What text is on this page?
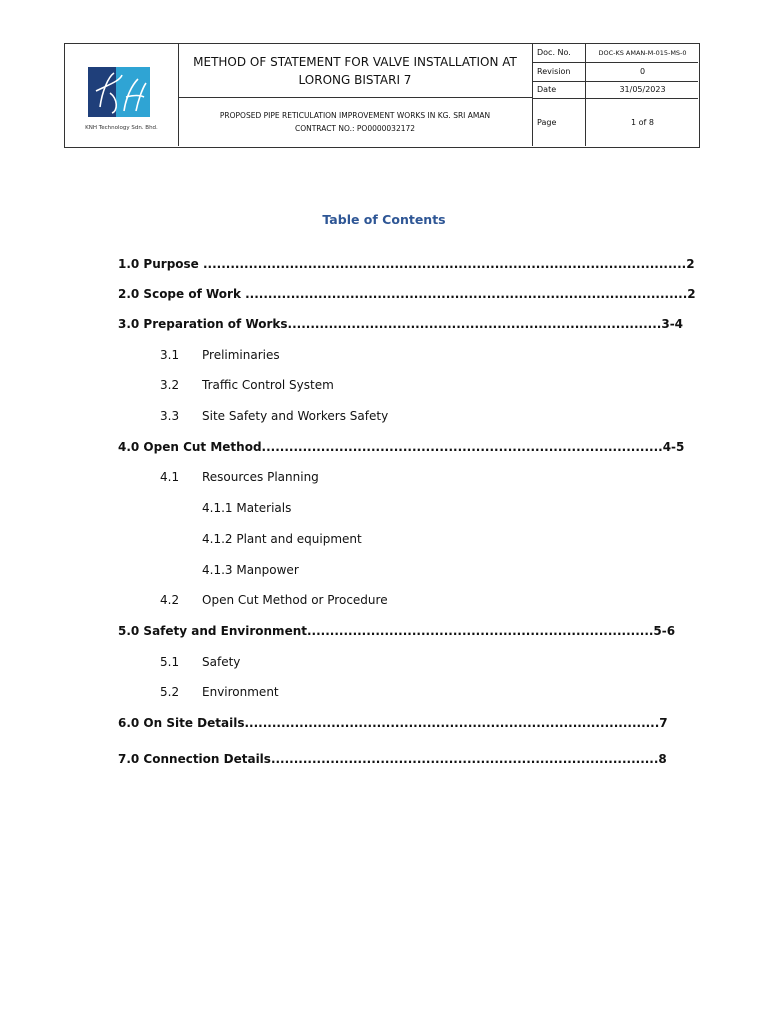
KNH Technology Sdn. Bhd.
METHOD OF STATEMENT FOR VALVE INSTALLATION AT LORONG BISTARI 7
PROPOSED PIPE RETICULATION IMPROVEMENT WORKS IN KG. SRI AMAN
CONTRACT NO.: PO0000032172
Doc. No.	DOC-KS AMAN-M-015-MS-0
Revision	0
Date	31/05/2023
Page	1 of 8
Table of Contents
1.0 Purpose ..........................................................................................................2
2.0 Scope of Work .................................................................................................2
3.0 Preparation of Works..................................................................................3-4
3.1 Preliminaries
3.2 Traffic Control System
3.3 Site Safety and Workers Safety
4.0 Open Cut Method........................................................................................4-5
4.1 Resources Planning
4.1.1 Materials
4.1.2 Plant and equipment
4.1.3 Manpower
4.2 Open Cut Method or Procedure
5.0 Safety and Environment............................................................................5-6
5.1 Safety
5.2 Environment
6.0 On Site Details...........................................................................................7
7.0 Connection Details.....................................................................................8
